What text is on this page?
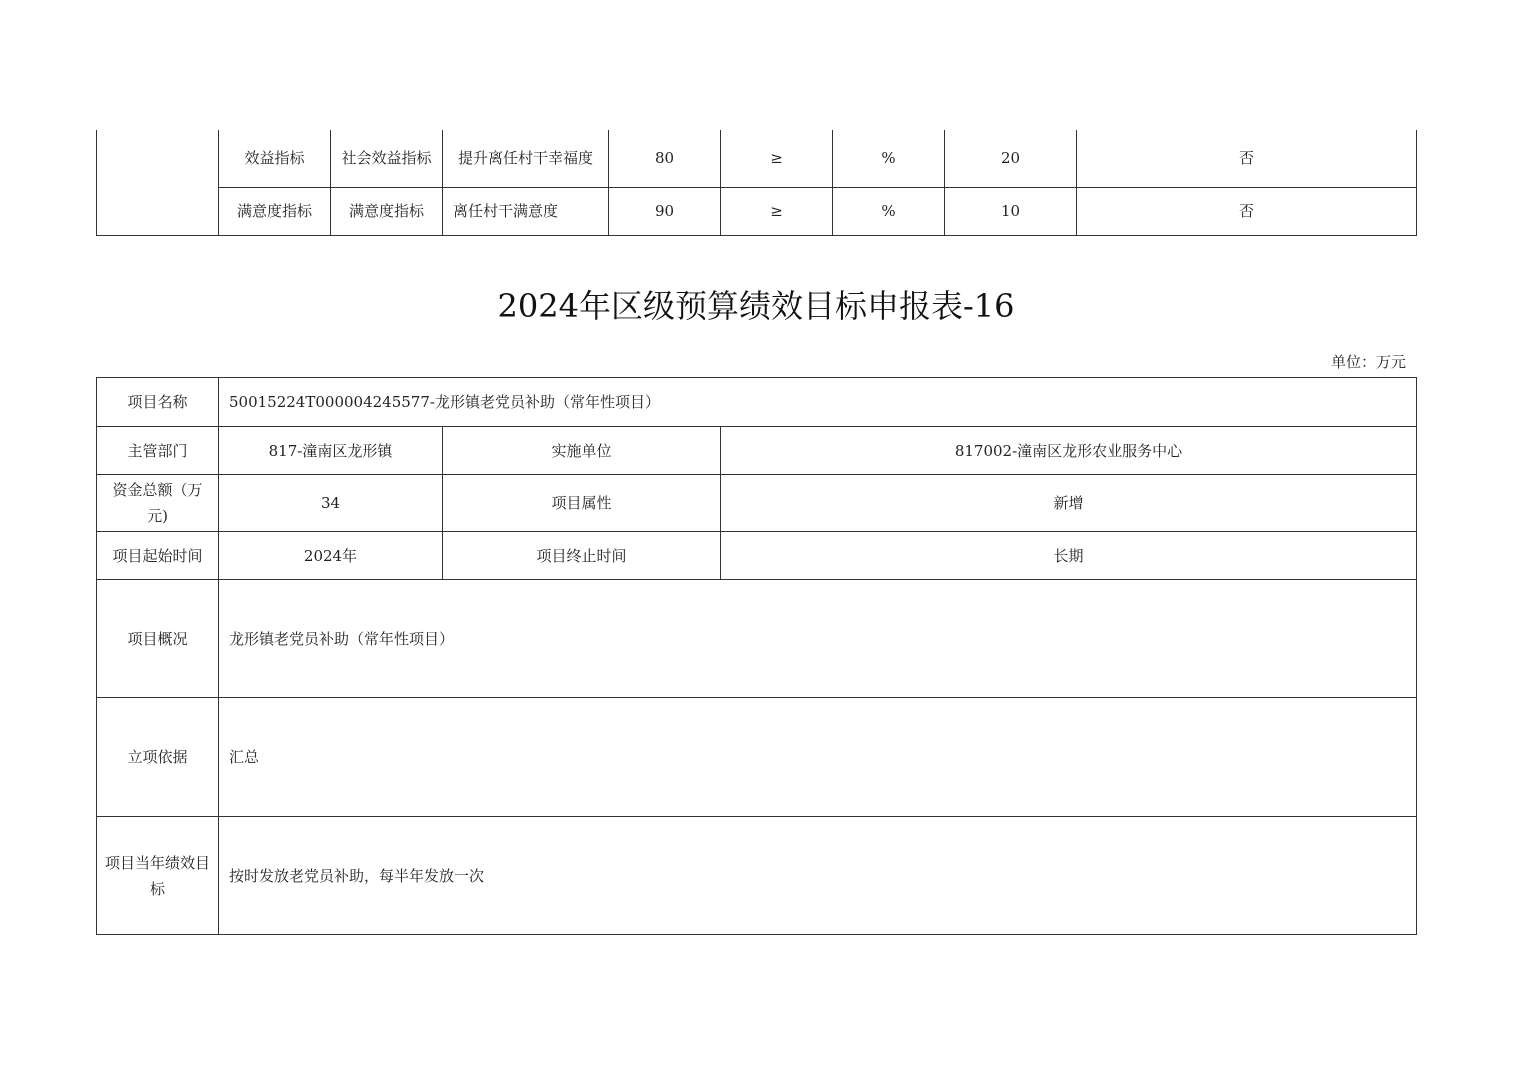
	效益指标	社会效益指标	提升离任村干幸福度	80	≥	%	20	否
	满意度指标	满意度指标	离任村干满意度	90	≥	%	10	否
2024年区级预算绩效目标申报表-16
单位：万元
项目名称	50015224T000004245577-龙形镇老党员补助（常年性项目）		
主管部门	817-潼南区龙形镇	实施单位	817002-潼南区龙形农业服务中心
资金总额（万元)	34	项目属性	新增
项目起始时间	2024年	项目终止时间	长期
项目概况	龙形镇老党员补助（常年性项目）		
立项依据	汇总		
项目当年绩效目标	按时发放老党员补助，每半年发放一次		
